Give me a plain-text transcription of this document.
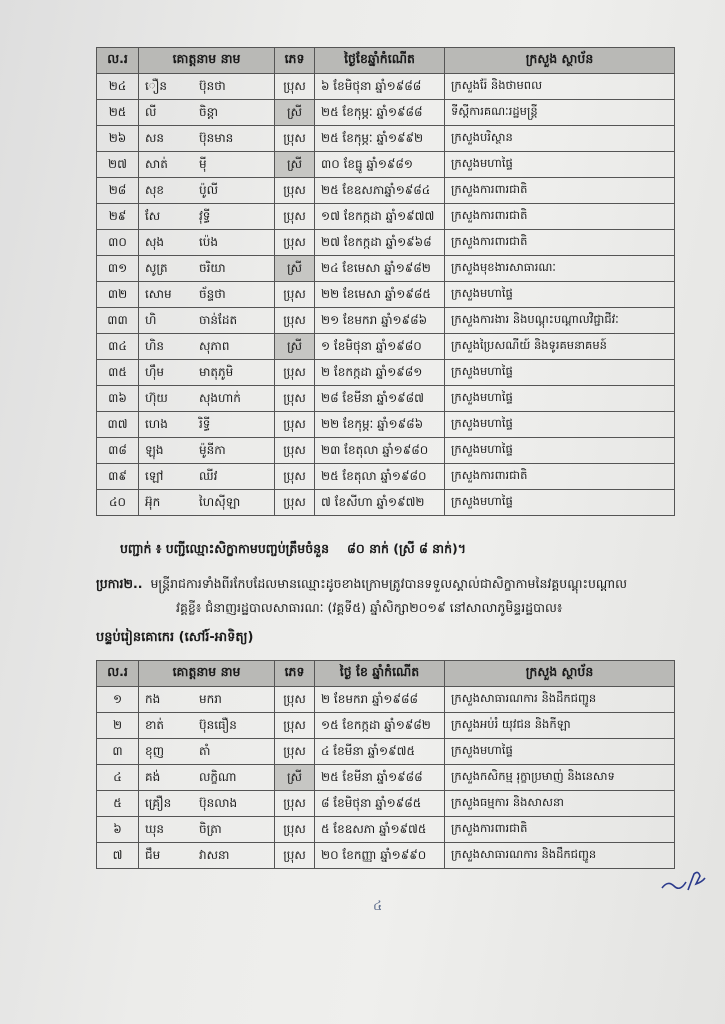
ល.រ	គោត្តនាម នាម	ភេទ	ថ្ងៃខែឆ្នាំកំណើត	ក្រសួង ស្ថាប័ន
២៤	ឿន ប៊ុនថា	ប្រុស	៦ ខែមិថុនា ឆ្នាំ១៩៨៨	ក្រសួងរ៉ែ និងថាមពល
២៥	លី ចិន្តា	ស្រី	២៥ ខែកុម្ភៈ ឆ្នាំ១៩៨៨	ទីស្តីការគណៈរដ្ឋមន្ត្រី
២៦	សន ប៊ុនមាន	ប្រុស	២៥ ខែកុម្ភៈ ឆ្នាំ១៩៩២	ក្រសួងបរិស្ថាន
២៧	សាត់ ម៉ី	ស្រី	៣០ ខែធ្នូ ឆ្នាំ១៩៨១	ក្រសួងមហាផ្ទៃ
២៨	សុខ ប៉ូលី	ប្រុស	២៥ ខែឧសភាឆ្នាំ១៩៨៤	ក្រសួងការពារជាតិ
២៩	សែ វុទ្ធី	ប្រុស	១៧ ខែកក្កដា ឆ្នាំ១៩៧៧	ក្រសួងការពារជាតិ
៣០	សុង ប៉េង	ប្រុស	២៧ ខែកក្កដា ឆ្នាំ១៩៦៨	ក្រសួងការពារជាតិ
៣១	សូត្រ ចរិយា	ស្រី	២៤ ខែមេសា ឆ្នាំ១៩៨២	ក្រសួងមុខងារសាធារណៈ
៣២	សោម ច័ន្ទថា	ប្រុស	២២ ខែមេសា ឆ្នាំ១៩៨៥	ក្រសួងមហាផ្ទៃ
៣៣	ហិ ចាន់ដែត	ប្រុស	២១ ខែមករា ឆ្នាំ១៩៨៦	ក្រសួងការងារ និងបណ្តុះបណ្តាលវិជ្ជាជីវៈ
៣៤	ហិន សុភាព	ស្រី	១ ខែមិថុនា ឆ្នាំ១៩៨០	ក្រសួងប្រៃសណីយ៍ និងទូរគមនាគមន៍
៣៥	ហ៊ឹម មាតុភូមិ	ប្រុស	២ ខែកក្កដា ឆ្នាំ១៩៨១	ក្រសួងមហាផ្ទៃ
៣៦	ហ៊ុយ សុងហាក់	ប្រុស	២៨ ខែមីនា ឆ្នាំ១៩៨៧	ក្រសួងមហាផ្ទៃ
៣៧	ហេង រិទ្ធី	ប្រុស	២២ ខែកុម្ភៈ ឆ្នាំ១៩៨៦	ក្រសួងមហាផ្ទៃ
៣៨	ឡុង ម៉ូនីកា	ប្រុស	២៣ ខែតុលា ឆ្នាំ១៩៨០	ក្រសួងមហាផ្ទៃ
៣៩	ឡៅ ឈីវ	ប្រុស	២៥ ខែតុលា ឆ្នាំ១៩៨០	ក្រសួងការពារជាតិ
៤០	អ៊ុក ហៃស៊ីឡា	ប្រុស	៧ ខែសីហា ឆ្នាំ១៩៧២	ក្រសួងមហាផ្ទៃ
បញ្ជាក់ ៖ បញ្ជីឈ្មោះសិក្ខាកាមបញ្ចប់ត្រឹមចំនួន ៨០ នាក់ (ស្រី ៨ នាក់)។
ប្រការ២.. មន្ត្រីរាជការទាំងពីរកែបដែលមានឈ្មោះដូចខាងក្រោមត្រូវបានទទួលស្គាល់ជាសិក្ខាកាមនៃវគ្គបណ្តុះបណ្តាល
វគ្គខ្លី៖ ជំនាញរដ្ឋបាលសាធារណៈ (វគ្គទី៥) ឆ្នាំសិក្សា២០១៩ នៅសាលាភូមិន្ទរដ្ឋបាល៖
បន្ទប់រៀនគោកេរ (សៅរ៍-អាទិត្យ)
ល.រ	គោត្តនាម នាម	ភេទ	ថ្ងៃ ខែ ឆ្នាំកំណើត	ក្រសួង ស្ថាប័ន
១	កង មករា	ប្រុស	២ ខែមករា ឆ្នាំ១៩៨៨	ក្រសួងសាធារណការ និងដឹកជញ្ជូន
២	ខាត់ ប៊ុនធឿន	ប្រុស	១៥ ខែកក្កដា ឆ្នាំ១៩៨២	ក្រសួងអប់រំ យុវជន និងកីឡា
៣	ខុញ តាំ	ប្រុស	៤ ខែមីនា ឆ្នាំ១៩៧៥	ក្រសួងមហាផ្ទៃ
៤	គង់ លក្ខិណា	ស្រី	២៥ ខែមីនា ឆ្នាំ១៩៨៨	ក្រសួងកសិកម្ម រុក្ខាប្រមាញ់ និងនេសាទ
៥	គ្រឿន ប៊ុនលាង	ប្រុស	៨ ខែមិថុនា ឆ្នាំ១៩៨៥	ក្រសួងធម្មការ និងសាសនា
៦	ឃុន ចិត្រា	ប្រុស	៥ ខែឧសភា ឆ្នាំ១៩៧៥	ក្រសួងការពារជាតិ
៧	ជឹម វាសនា	ប្រុស	២០ ខែកញ្ញា ឆ្នាំ១៩៩០	ក្រសួងសាធារណការ និងដឹកជញ្ជូន
៤
